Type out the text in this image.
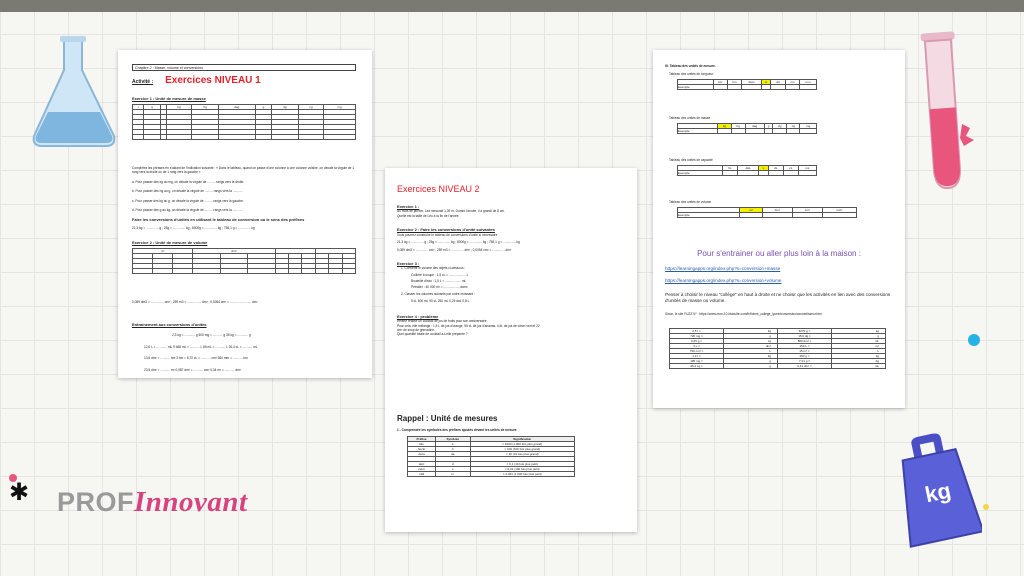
kg
✱ PROFInnovant
Chapitre 2 : Masse, volume et conversions
Activité : Exercices NIVEAU 1
Exercice 1 : Unité de mesure de masse
t	q		kg	hg	dag	g	dg	cg	mg

Complétez les phrases en s'aidant de l'indication suivante : « Dans le tableau, quand on passe d'une colonne à une colonne voisine, on décale la virgule de 1 rang vers la droite ou de 1 rang vers la gauche »
a. Pour passer des kg au mg, on décale la virgule de ......... rangs vers la droite.
b. Pour passer des hg au g, on décale la virgule de ......... rangs vers la ...........
c. Pour passer des kg au g, on décale la virgule de ......... rangs vers la gauche.
d. Pour passer des g au kg, on décale la virgule de ......... rangs vers la ...........
Faire les conversions d'unités en utilisant le tableau de conversion ou le sens des préfixes
21,3 kg = .............. g ; 25g = .............. kg ; 8000g = .............. kg ; 758,1 g = .............. kg
Exercice 2 : Unité de mesure de volume
m³			dm³								

0,089 dm3 = ................cm³ ; 259 m3 = ................ dm³ ; 0,0054 cm³ = ........................ dm³
Entrainement aux conversions d'unités
2,3 kg = ............ g 500 mg = ........... g 35 kg = ............ g
12,6 L = ............ mL 9 468 mL = ........... L 85 mL = ........... L 26,4 cL = ........... mL
13,6 dm³ = ........... hm 3 hm = 8,70 cL = ........... cm³ 560 mm = ........... km
23,5 dm³ = ........... m³ 0,087 dm³ = ........... cm³ 0,34 m³ = ........... dm³
Exercices NIVEAU 2
Exercice 1 :
Au mois de janvier, Léa mesurait 1,39 m. Durant l'année, il a grandi de 8 cm.
Quelle est la taille de Léo à la fin de l'année.
Exercice 2 : Faire les conversions d'unité suivantes
Vous pourrez construire le tableau de conversions d'unité si nécessaire
21,3 kg = .............. g ; 25g = .............. kg ; 8000g = .............. kg ; 758,1 g = .............. kg
0,089 dm3 = .............. cm³ ; 259 m3 = .............. dm³ ; 0,0054 cm³ = .............. dm³
Exercice 3 :
1. Convertir le volume des objets ci-dessous :
Cuillère à soupe : 1,5 cL = ................... L
Bouteille d'eau : 1,5 L = .................. mL
Pétrolier : 40 000 m³ = .................. dam³
2. Classer les volumes suivants par ordre croissant :
5 cL 500 mL 90 cL 250 mL 0,25 daL 0,8 L
Exercice 4 : problème
Hélène réalise un cocktail de jus de fruits pour son anniversaire.
Pour cela, elle mélange : 1,5 L de jus d'orange, 55 cL de jus d'ananas, 4 dL de jus de citron vert et 22
cm³ de sirop de grenadine.
Quel quantité totale de cocktail a-t-elle préparée ?
Rappel : Unité de mesures
1 - Comprendre les symboles des préfixes ajoutés devant les unités de mesure.
Préfixe	Symbole	Signification
kilo	k	× 1000 (1 000 fois plus grand)
hecto	h	× 100 (100 fois plus grand)
déca	da	× 10 (10 fois plus grand)

déci	d	× 0,1 (10 fois plus petit)
centi	c	× 0,01 (100 fois plus petit)
milli	m	× 0,001 (1 000 fois plus petit)
III- Tableau des unités de mesure.
Tableau des unités de longueur
	km	hm	dam	m	dm	cm	mm
Exemple							
Tableau des unités de masse
	kg	hg	dag	g	dg	cg	mg
Exemple							
Tableau des unités de capacité
	hL	daL	L	dL	cL	mL
Exemple						
Tableau des unités de volume
	m³	dm³	cm³	mm³
Exemple				
Pour s'entrainer ou aller plus loin à la maison :
https://learningapps.org/index.php?s=conversion+masse
https://learningapps.org/index.php?s=conversion+volume
Penser à choisir le niveau "collège" en haut à droite et ne choisir que les activités en lien avec des conversions d'unités de masse ou volume.
Sinon, le site FUZZ N° : https://www.mon-10-bfaculte.com/fr/fiches_college_lycee/conversion/convertisseur.htm
2,5 t =	kg	3270 g =	kg
720 mg =	g	15,6 dg =	g
0,25 g =	cg	800 dm³ =	mL
3 L =	dm³	150 L =	m³
750 cm³ =	L	15 m³ =	L
1,3 t =	kg	450 g =	kg
105 mg =	g	7,21 g =	dg
45,2 cg =	g	0,41 dm³ =	mL
